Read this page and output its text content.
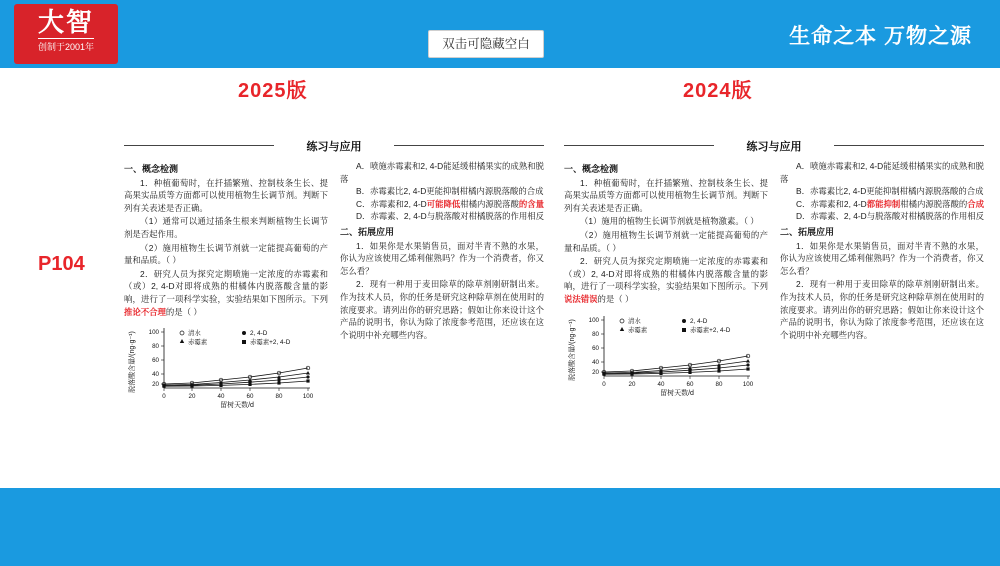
大智
创制于2001年	双击可隐藏空白	生命之本 万物之源
2025版	2024版
P104
练习与应用
一、概念检测

1．种植葡萄时，在扦插繁殖、控制枝条生长、提高果实品质等方面都可以使用植物生长调节剂。判断下列有关表述是否正确。

（1）通常可以通过插条生根来判断植物生长调节剂是否起作用。

（2）施用植物生长调节剂就一定能提高葡萄的产量和品质。（ ）

2．研究人员为探究定期喷施一定浓度的赤霉素和（或）2, 4-D对即将成熟的柑橘体内脱落酸含量的影响，进行了一项科学实验，实验结果如下图所示。下列推论不合理的是（ ）

100
80
60
40
20
0	20	40	60	80	100
留树天数/d
脱落酸含量/(ng·g⁻¹)	清水
赤霉素
2, 4-D
赤霉素+2, 4-D

A．喷施赤霉素和2, 4-D能延缓柑橘果实的成熟和脱落

B．赤霉素比2, 4-D更能抑制柑橘内源脱落酸的合成

C．赤霉素和2, 4-D可能降低柑橘内源脱落酸的含量

D．赤霉素、2, 4-D与脱落酸对柑橘脱落的作用相反

二、拓展应用

1．如果你是水果销售员，面对半青不熟的水果，你认为应该使用乙烯利催熟吗？作为一个消费者，你又怎么看？

2．现有一种用于麦田除草的除草剂刚研制出来。作为技术人员，你的任务是研究这种除草剂在使用时的浓度要求。请列出你的研究思路；假如让你来设计这个产品的说明书，你认为除了浓度参考范围，还应该在这个说明中补充哪些内容。

练习与应用
一、概念检测

1．种植葡萄时，在扦插繁殖、控制枝条生长、提高果实品质等方面都可以使用植物生长调节剂。判断下列有关表述是否正确。

（1）施用的植物生长调节剂就是植物激素。（ ）

（2）施用植物生长调节剂就一定能提高葡萄的产量和品质。（ ）

2．研究人员为探究定期喷施一定浓度的赤霉素和（或）2, 4-D对即将成熟的柑橘体内脱落酸含量的影响，进行了一项科学实验，实验结果如下图所示。下列说法错误的是（ ）

100
80
60
40
20
0	20	40	60	80	100
留树天数/d
脱落酸含量/(ng·g⁻¹)	清水
赤霉素
2, 4-D
赤霉素+2, 4-D

A．喷施赤霉素和2, 4-D能延缓柑橘果实的成熟和脱落

B．赤霉素比2, 4-D更能抑制柑橘内源脱落酸的合成

C．赤霉素和2, 4-D都能抑制柑橘内源脱落酸的合成

D．赤霉素、2, 4-D与脱落酸对柑橘脱落的作用相反

二、拓展应用

1．如果你是水果销售员，面对半青不熟的水果，你认为应该使用乙烯利催熟吗？作为一个消费者，你又怎么看？

2．现有一种用于麦田除草的除草剂刚研制出来。作为技术人员，你的任务是研究这种除草剂在使用时的浓度要求。请列出你的研究思路；假如让你来设计这个产品的说明书，你认为除了浓度参考范围，还应该在这个说明中补充哪些内容。
